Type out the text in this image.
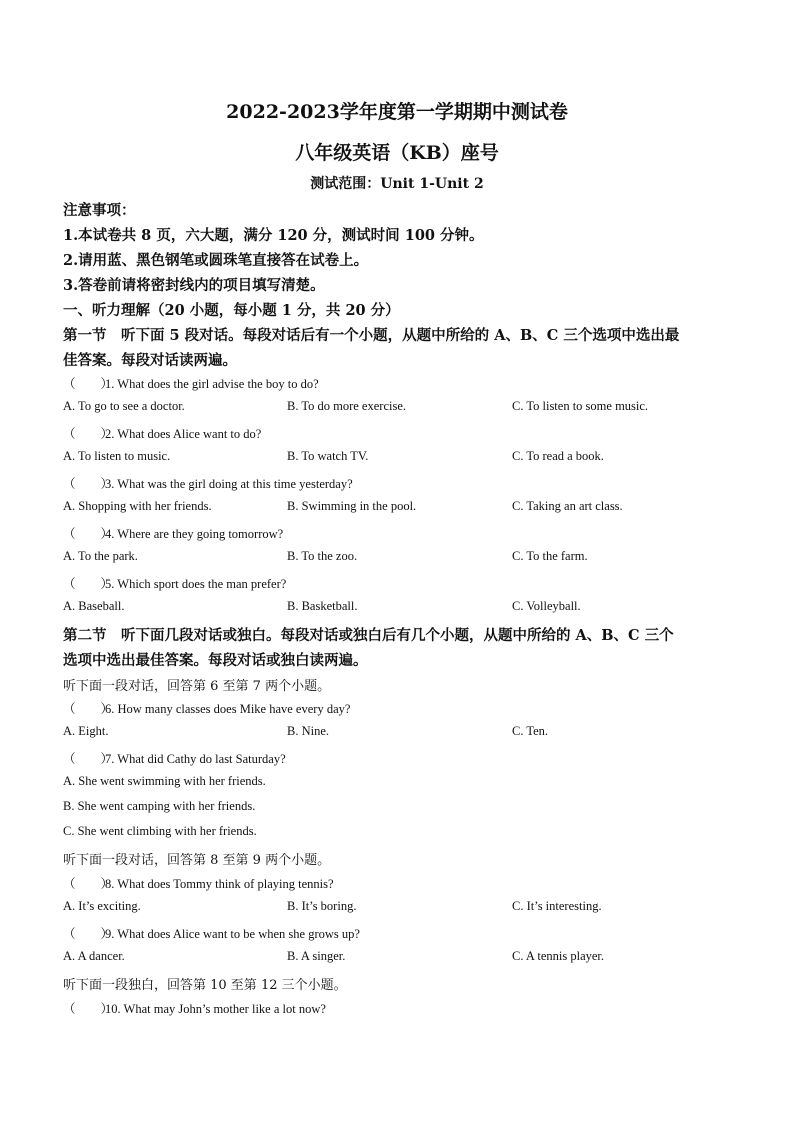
2022-2023学年度第一学期期中测试卷
八年级英语（KB）座号
测试范围：Unit 1-Unit 2
注意事项：
1.本试卷共 8 页，六大题，满分 120 分，测试时间 100 分钟。
2.请用蓝、黑色钢笔或圆珠笔直接答在试卷上。
3.答卷前请将密封线内的项目填写清楚。
一、听力理解（20 小题，每小题 1 分，共 20 分）
第一节　听下面 5 段对话。每段对话后有一个小题，从题中所给的 A、B、C 三个选项中选出最
佳答案。每段对话读两遍。
（　　）1. What does the girl advise the boy to do?
A. To go to see a doctor.	B. To do more exercise.	C. To listen to some music.
（　　）2. What does Alice want to do?
A. To listen to music.	B. To watch TV.	C. To read a book.
（　　）3. What was the girl doing at this time yesterday?
A. Shopping with her friends.	B. Swimming in the pool.	C. Taking an art class.
（　　）4. Where are they going tomorrow?
A. To the park.	B. To the zoo.	C. To the farm.
（　　）5. Which sport does the man prefer?
A. Baseball.	B. Basketball.	C. Volleyball.
第二节　听下面几段对话或独白。每段对话或独白后有几个小题，从题中所给的 A、B、C 三个
选项中选出最佳答案。每段对话或独白读两遍。
听下面一段对话，回答第 6 至第 7 两个小题。
（　　）6. How many classes does Mike have every day?
A. Eight.	B. Nine.	C. Ten.
（　　）7. What did Cathy do last Saturday?
A. She went swimming with her friends.
B. She went camping with her friends.
C. She went climbing with her friends.
听下面一段对话，回答第 8 至第 9 两个小题。
（　　）8. What does Tommy think of playing tennis?
A. It’s exciting.	B. It’s boring.	C. It’s interesting.
（　　）9. What does Alice want to be when she grows up?
A. A dancer.	B. A singer.	C. A tennis player.
听下面一段独白，回答第 10 至第 12 三个小题。
（　　）10. What may John’s mother like a lot now?
